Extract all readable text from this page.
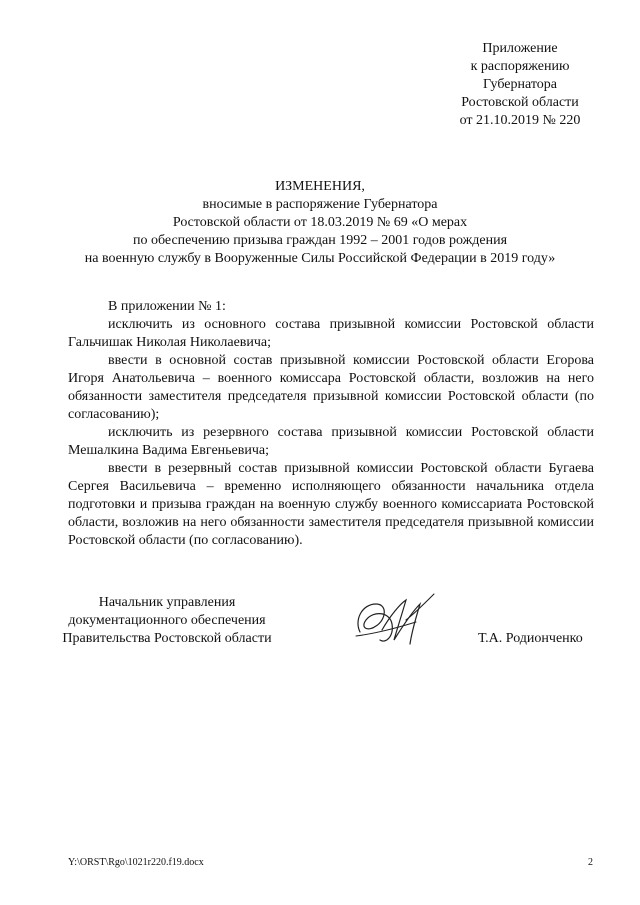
Приложение
к распоряжению
Губернатора
Ростовской области
от 21.10.2019 № 220
ИЗМЕНЕНИЯ,
вносимые в распоряжение Губернатора
Ростовской области от 18.03.2019 № 69 «О мерах
по обеспечению призыва граждан 1992 – 2001 годов рождения
на военную службу в Вооруженные Силы Российской Федерации в 2019 году»

В приложении № 1:

исключить из основного состава призывной комиссии Ростовской области Гальчишак Николая Николаевича;

ввести в основной состав призывной комиссии Ростовской области Егорова Игоря Анатольевича – военного комиссара Ростовской области, возложив на него обязанности заместителя председателя призывной комиссии Ростовской области (по согласованию);

исключить из резервного состава призывной комиссии Ростовской области Мешалкина Вадима Евгеньевича;

ввести в резервный состав призывной комиссии Ростовской области Бугаева Сергея Васильевича – временно исполняющего обязанности начальника отдела подготовки и призыва граждан на военную службу военного комиссариата Ростовской области, возложив на него обязанности заместителя председателя призывной комиссии Ростовской области (по согласованию).

Начальник управления
документационного обеспечения
Правительства Ростовской области	Т.А. Родионченко
Y:\ORST\Rgo\1021r220.f19.docx	2
